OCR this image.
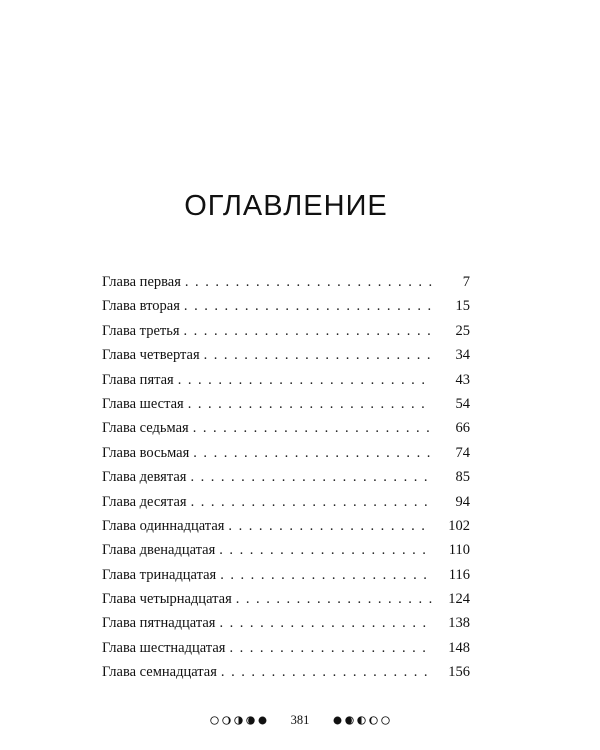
ОГЛАВЛЕНИЕ
Глава первая . . .	7
Глава вторая . . .	15
Глава третья . . .	25
Глава четвертая . . .	34
Глава пятая . . .	43
Глава шестая . . .	54
Глава седьмая . . .	66
Глава восьмая . . .	74
Глава девятая . . .	85
Глава десятая . . .	94
Глава одиннадцатая . . .	102
Глава двенадцатая . . .	110
Глава тринадцатая . . .	116
Глава четырнадцатая . . .	124
Глава пятнадцатая . . .	138
Глава шестнадцатая . . .	148
Глава семнадцатая . . .	156
381
